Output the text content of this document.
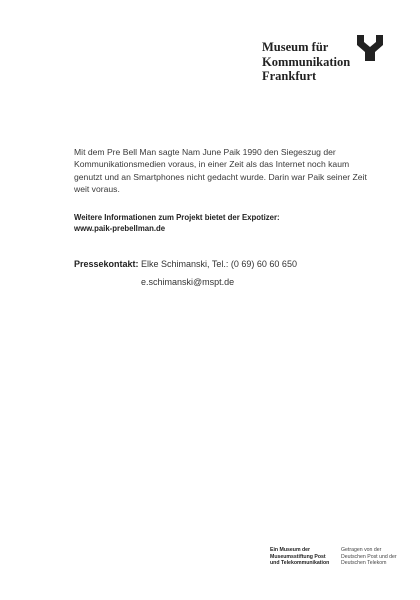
Museum für
Kommunikation
Frankfurt
Mit dem Pre Bell Man sagte Nam June Paik 1990 den Siegeszug der Kommunikationsmedien voraus, in einer Zeit als das Internet noch kaum genutzt und an Smartphones nicht gedacht wurde. Darin war Paik seiner Zeit weit voraus.
Weitere Informationen zum Projekt bietet der Expotizer:
www.paik-prebellman.de
Pressekontakt: Elke Schimanski, Tel.: (0 69) 60 60 650
e.schimanski@mspt.de
Ein Museum der
Museumsstiftung Post
und Telekommunikation
Getragen von der
Deutschen Post und der
Deutschen Telekom
